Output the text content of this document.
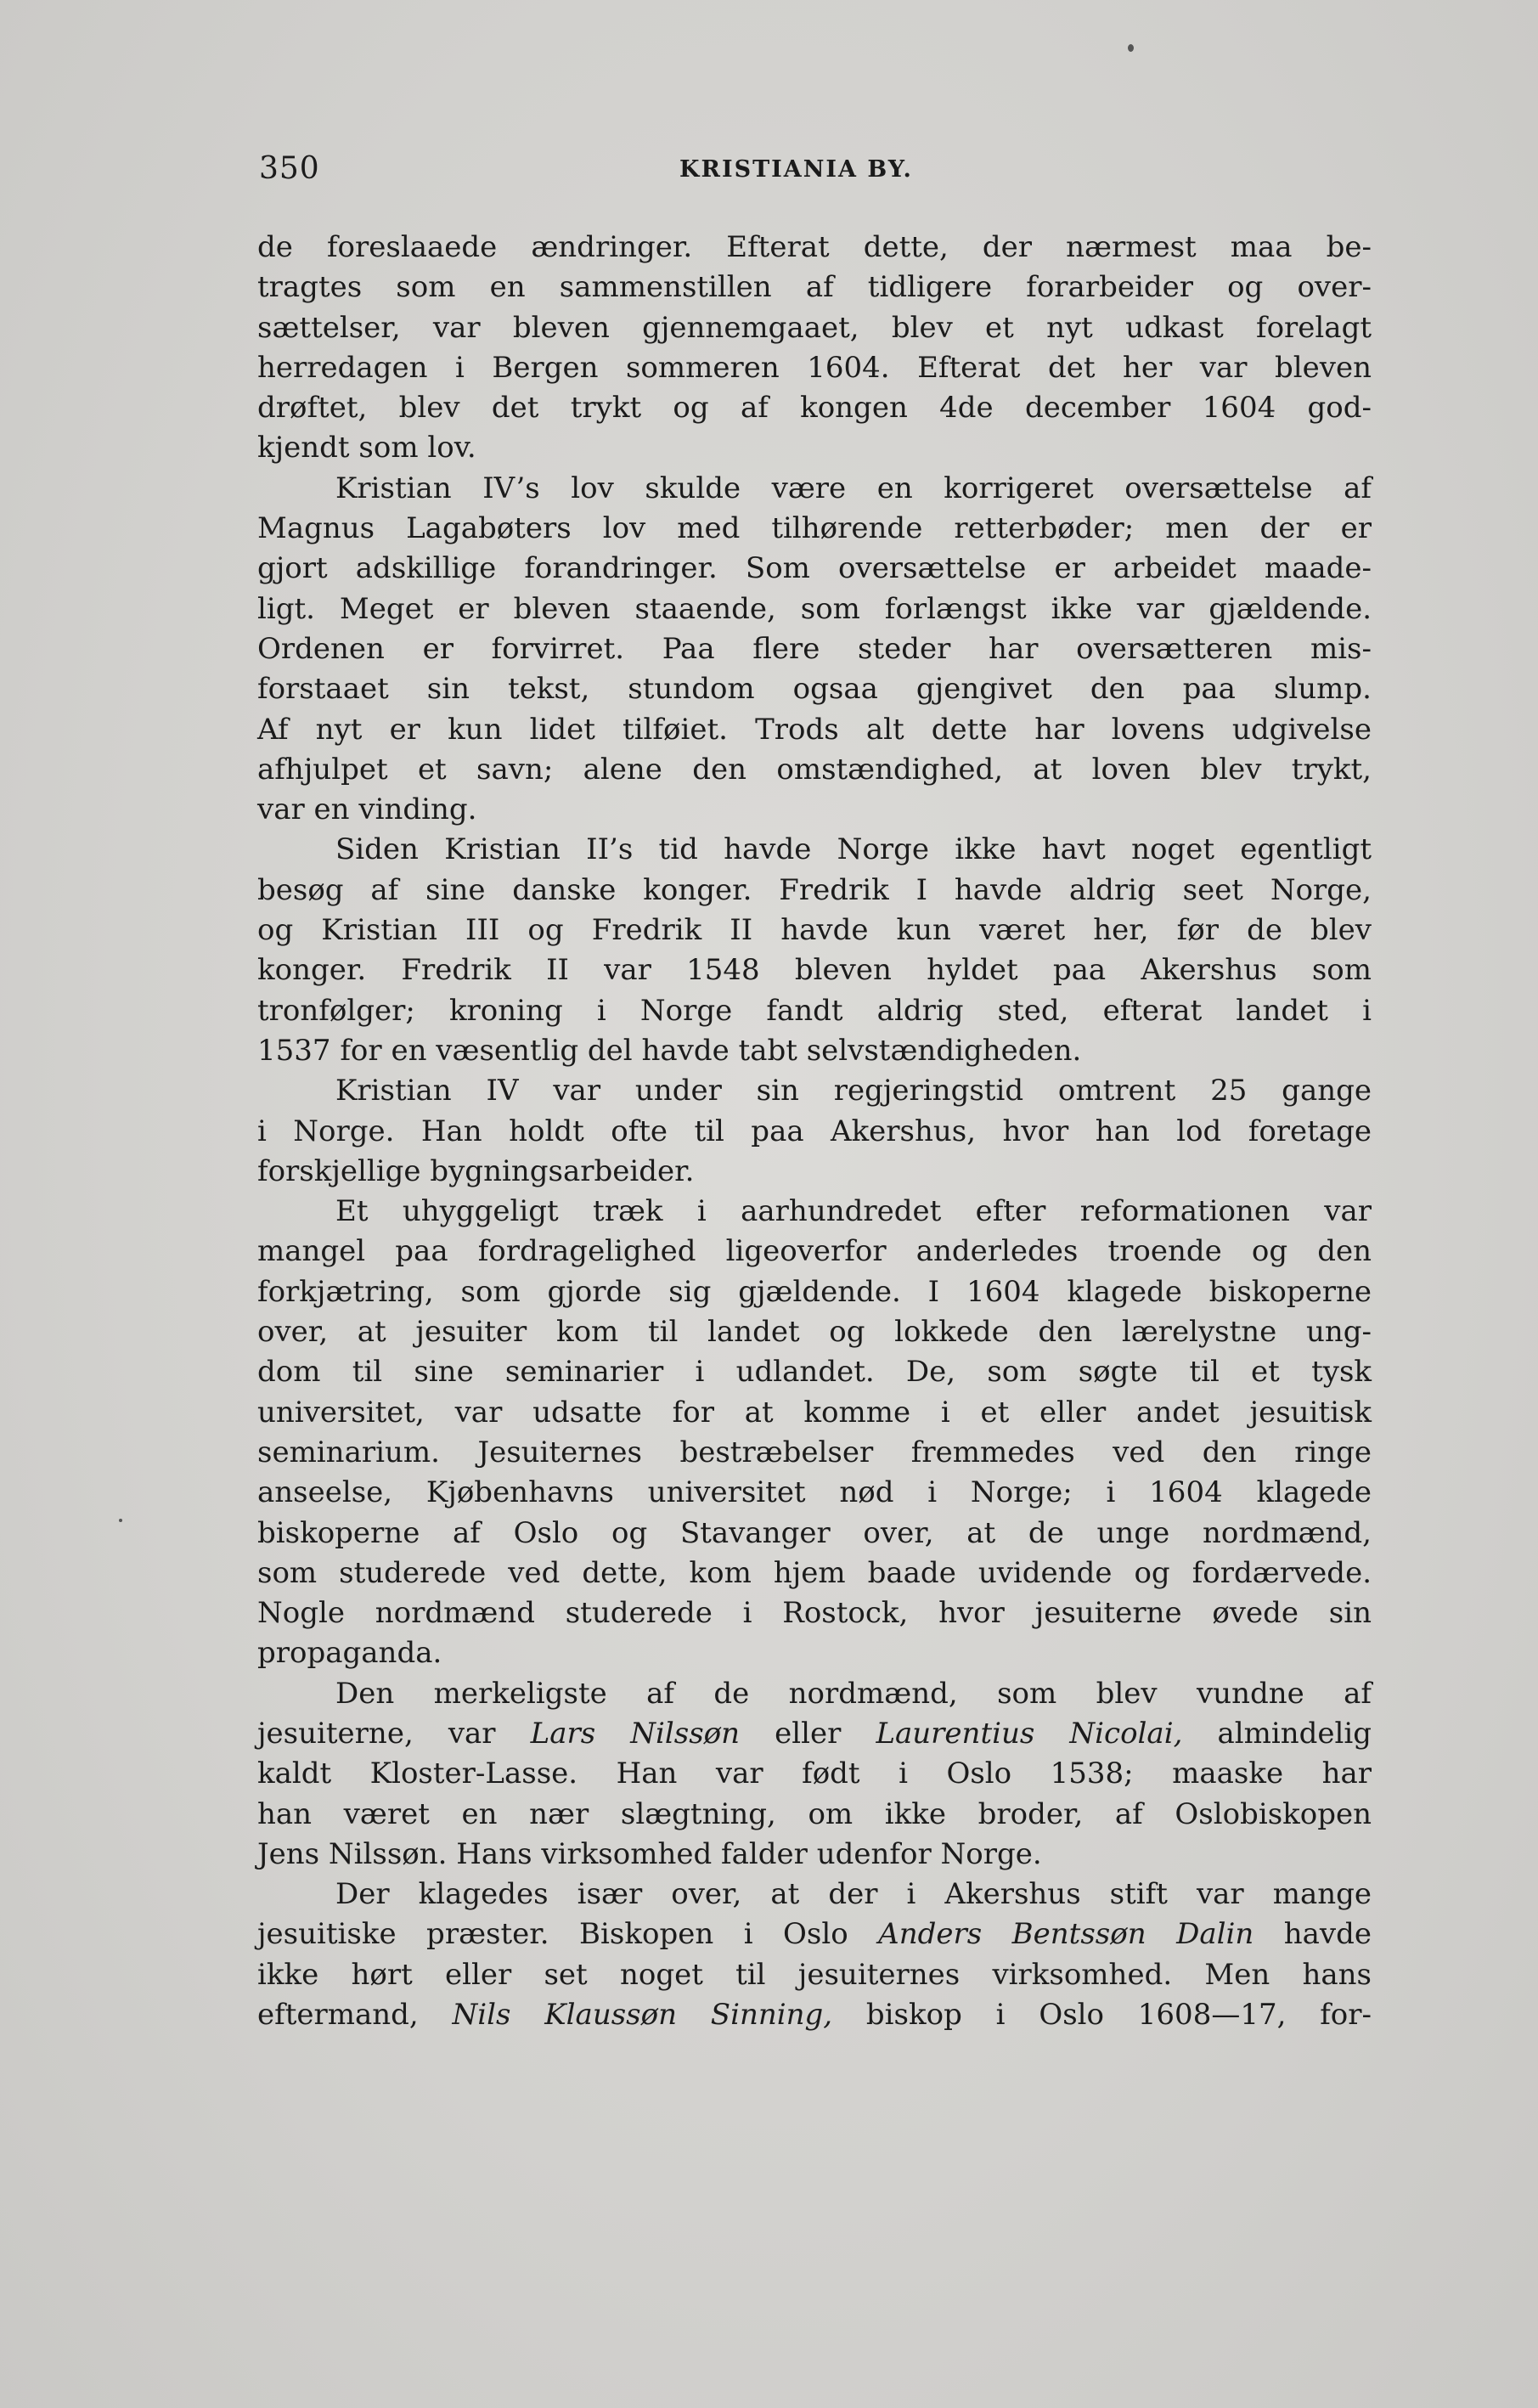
350	KRISTIANIA BY.
de foreslaaede ændringer. Efterat dette, der nærmest maa be-
tragtes som en sammenstillen af tidligere forarbeider og over-
sættelser, var bleven gjennemgaaet, blev et nyt udkast forelagt
herredagen i Bergen sommeren 1604. Efterat det her var bleven
drøftet, blev det trykt og af kongen 4de december 1604 god-
kjendt som lov.
Kristian IV’s lov skulde være en korrigeret oversættelse af
Magnus Lagabøters lov med tilhørende retterbøder; men der er
gjort adskillige forandringer. Som oversættelse er arbeidet maade-
ligt. Meget er bleven staaende, som forlængst ikke var gjældende.
Ordenen er forvirret. Paa flere steder har oversætteren mis-
forstaaet sin tekst, stundom ogsaa gjengivet den paa slump.
Af nyt er kun lidet tilføiet. Trods alt dette har lovens udgivelse
afhjulpet et savn; alene den omstændighed, at loven blev trykt,
var en vinding.
Siden Kristian II’s tid havde Norge ikke havt noget egentligt
besøg af sine danske konger. Fredrik I havde aldrig seet Norge,
og Kristian III og Fredrik II havde kun været her, før de blev
konger. Fredrik II var 1548 bleven hyldet paa Akershus som
tronfølger; kroning i Norge fandt aldrig sted, efterat landet i
1537 for en væsentlig del havde tabt selvstændigheden.
Kristian IV var under sin regjeringstid omtrent 25 gange
i Norge. Han holdt ofte til paa Akershus, hvor han lod foretage
forskjellige bygningsarbeider.
Et uhyggeligt træk i aarhundredet efter reformationen var
mangel paa fordragelighed ligeoverfor anderledes troende og den
forkjætring, som gjorde sig gjældende. I 1604 klagede biskoperne
over, at jesuiter kom til landet og lokkede den lærelystne ung-
dom til sine seminarier i udlandet. De, som søgte til et tysk
universitet, var udsatte for at komme i et eller andet jesuitisk
seminarium. Jesuiternes bestræbelser fremmedes ved den ringe
anseelse, Kjøbenhavns universitet nød i Norge; i 1604 klagede
biskoperne af Oslo og Stavanger over, at de unge nordmænd,
som studerede ved dette, kom hjem baade uvidende og fordærvede.
Nogle nordmænd studerede i Rostock, hvor jesuiterne øvede sin
propaganda.
Den merkeligste af de nordmænd, som blev vundne af
jesuiterne, var Lars Nilssøn eller Laurentius Nicolai, almindelig
kaldt Kloster-Lasse. Han var født i Oslo 1538; maaske har
han været en nær slægtning, om ikke broder, af Oslobiskopen
Jens Nilssøn. Hans virksomhed falder udenfor Norge.
Der klagedes især over, at der i Akershus stift var mange
jesuitiske præster. Biskopen i Oslo Anders Bentssøn Dalin havde
ikke hørt eller set noget til jesuiternes virksomhed. Men hans
eftermand, Nils Klaussøn Sinning, biskop i Oslo 1608—17, for-
